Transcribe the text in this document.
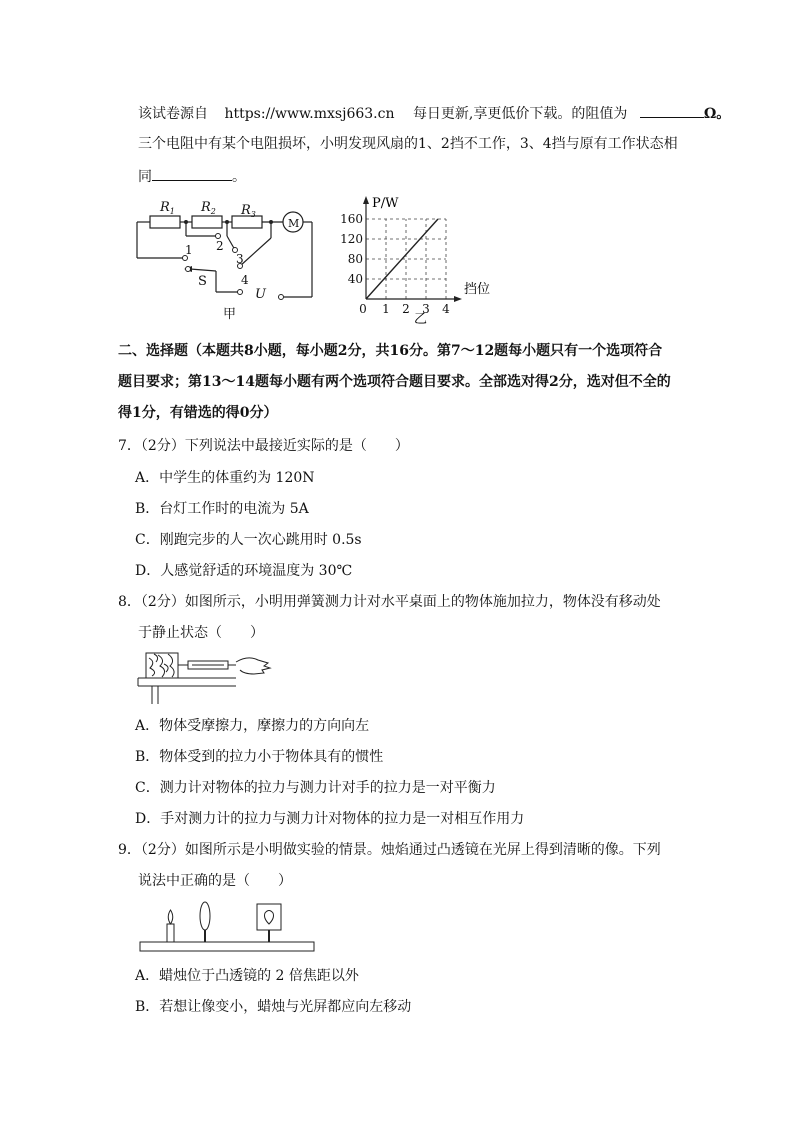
该试卷源自 https://www.mxsj663.cn 每日更新,享更低价下载。的阻值为	Ω。
三个电阻中有某个电阻损坏，小明发现风扇的1、2挡不工作，3、4挡与原有工作状态相
同	。
$R_1$ $R_2$ $R_3$
M
1 2
3
4
S
U
甲	0 1 2 3 4
40
80
120
160
P/W
挡位
乙
二、选择题（本题共8小题，每小题2分，共16分。第7～12题每小题只有一个选项符合
题目要求；第13～14题每小题有两个选项符合题目要求。全部选对得2分，选对但不全的
得1分，有错选的得0分）
7．（2分）下列说法中最接近实际的是（　　）
A．中学生的体重约为 120N
B．台灯工作时的电流为 5A
C．刚跑完步的人一次心跳用时 0.5s
D．人感觉舒适的环境温度为 30℃
8．（2分）如图所示，小明用弹簧测力计对水平桌面上的物体施加拉力，物体没有移动处
于静止状态（　　）
A．物体受摩擦力，摩擦力的方向向左
B．物体受到的拉力小于物体具有的惯性
C．测力计对物体的拉力与测力计对手的拉力是一对平衡力
D．手对测力计的拉力与测力计对物体的拉力是一对相互作用力
9．（2分）如图所示是小明做实验的情景。烛焰通过凸透镜在光屏上得到清晰的像。下列
说法中正确的是（　　）
A．蜡烛位于凸透镜的 2 倍焦距以外
B．若想让像变小，蜡烛与光屏都应向左移动
